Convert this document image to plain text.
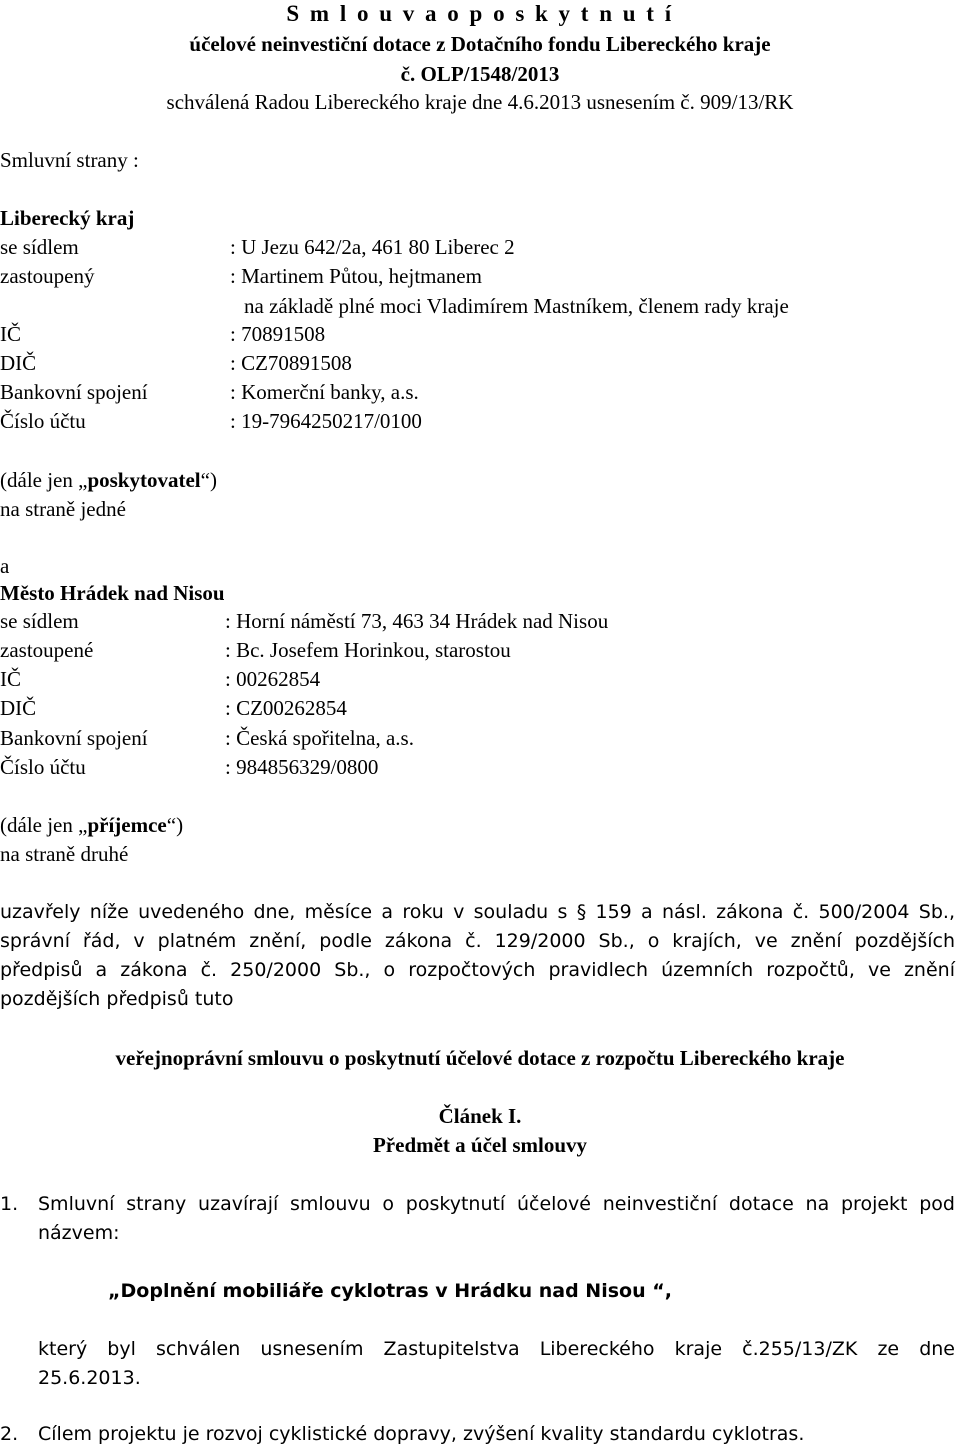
S m l o u v a o p o s k y t n u t í
účelové neinvestiční dotace z Dotačního fondu Libereckého kraje
č. OLP/1548/2013
schválená Radou Libereckého kraje dne 4.6.2013 usnesením č. 909/13/RK
Smluvní strany :
Liberecký kraj
se sídlem	: U Jezu 642/2a, 461 80 Liberec 2
zastoupený	: Martinem Půtou, hejtmanem
na základě plné moci Vladimírem Mastníkem, členem rady kraje
IČ	: 70891508
DIČ	: CZ70891508
Bankovní spojení	: Komerční banky, a.s.
Číslo účtu	: 19-7964250217/0100
(dále jen „poskytovatel“)
na straně jedné
a
Město Hrádek nad Nisou
se sídlem	: Horní náměstí 73, 463 34 Hrádek nad Nisou
zastoupené	: Bc. Josefem Horinkou, starostou
IČ	: 00262854
DIČ	: CZ00262854
Bankovní spojení	: Česká spořitelna, a.s.
Číslo účtu	: 984856329/0800
(dále jen „příjemce“)
na straně druhé
uzavřely níže uvedeného dne, měsíce a roku v souladu s § 159 a násl. zákona č. 500/2004 Sb.,
správní řád, v platném znění, podle zákona č. 129/2000 Sb., o krajích, ve znění pozdějších
předpisů a zákona č. 250/2000 Sb., o rozpočtových pravidlech územních rozpočtů, ve znění
pozdějších předpisů tuto
veřejnoprávní smlouvu o poskytnutí účelové dotace z rozpočtu Libereckého kraje
Článek I.
Předmět a účel smlouvy
1. Smluvní strany uzavírají smlouvu o poskytnutí účelové neinvestiční dotace na projekt pod
názvem:
„Doplnění mobiliáře cyklotras v Hrádku nad Nisou “,
který byl schválen usnesením Zastupitelstva Libereckého kraje č.255/13/ZK ze dne
25.6.2013.
2. Cílem projektu je rozvoj cyklistické dopravy, zvýšení kvality standardu cyklotras.
